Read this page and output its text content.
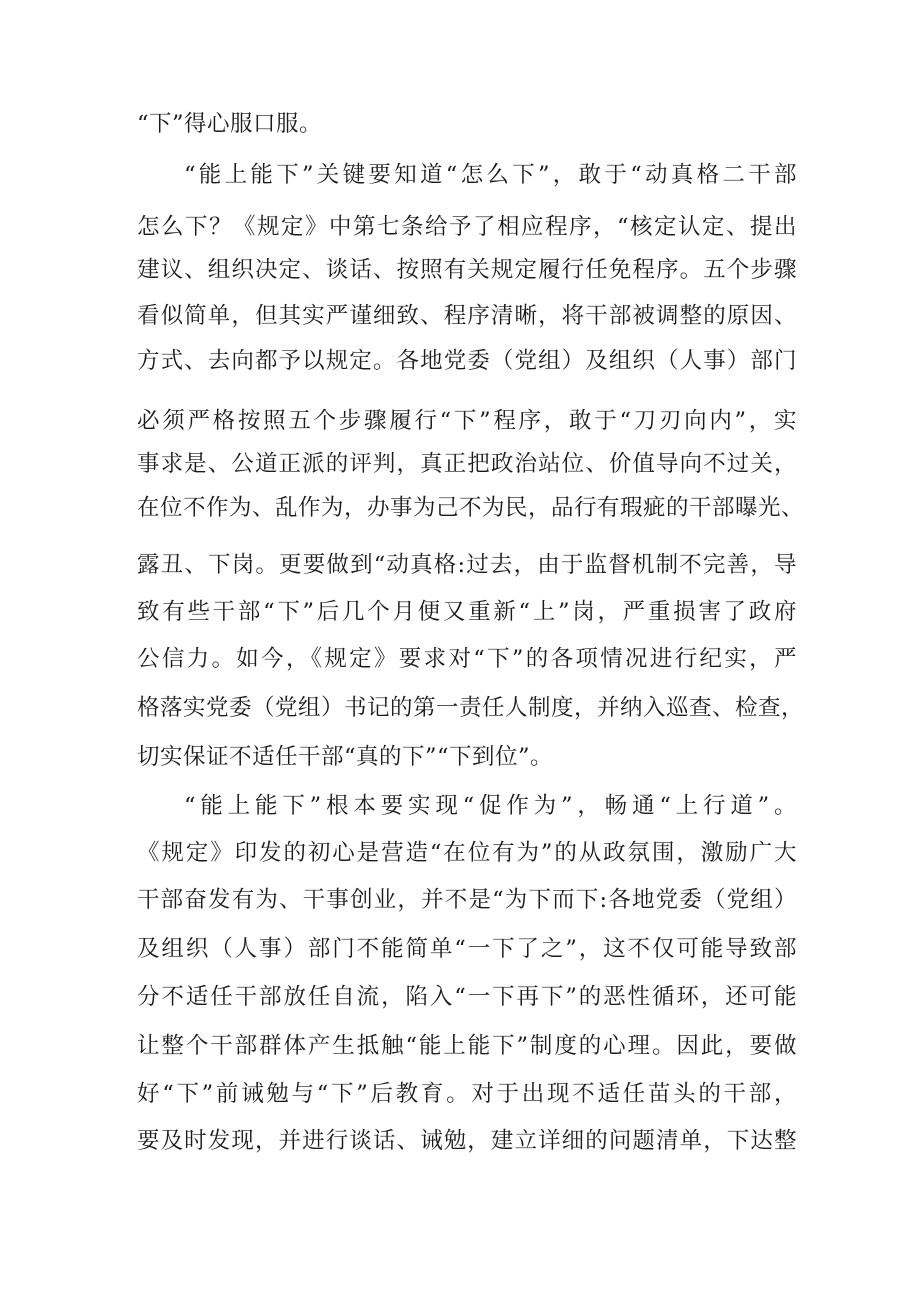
“下”得心服口服。
“能上能下”关键要知道“怎么下”，敢于“动真格二干部
怎么下？《规定》中第七条给予了相应程序，“核定认定、提出
建议、组织决定、谈话、按照有关规定履行任免程序。五个步骤
看似简单，但其实严谨细致、程序清晰，将干部被调整的原因、
方式、去向都予以规定。各地党委（党组）及组织（人事）部门
必须严格按照五个步骤履行“下”程序，敢于“刀刃向内”，实
事求是、公道正派的评判，真正把政治站位、价值导向不过关，
在位不作为、乱作为，办事为己不为民，品行有瑕疵的干部曝光、
露丑、下岗。更要做到“动真格:过去，由于监督机制不完善，导
致有些干部“下”后几个月便又重新“上”岗，严重损害了政府
公信力。如今，《规定》要求对“下”的各项情况进行纪实，严
格落实党委（党组）书记的第一责任人制度，并纳入巡查、检查，
切实保证不适任干部“真的下”“下到位”。
“能上能下”根本要实现“促作为”，畅通“上行道”。
《规定》印发的初心是营造“在位有为”的从政氛围，激励广大
干部奋发有为、干事创业，并不是“为下而下:各地党委（党组）
及组织（人事）部门不能简单“一下了之”，这不仅可能导致部
分不适任干部放任自流，陷入“一下再下”的恶性循环，还可能
让整个干部群体产生抵触“能上能下”制度的心理。因此，要做
好“下”前诫勉与“下”后教育。对于出现不适任苗头的干部，
要及时发现，并进行谈话、诫勉，建立详细的问题清单，下达整
